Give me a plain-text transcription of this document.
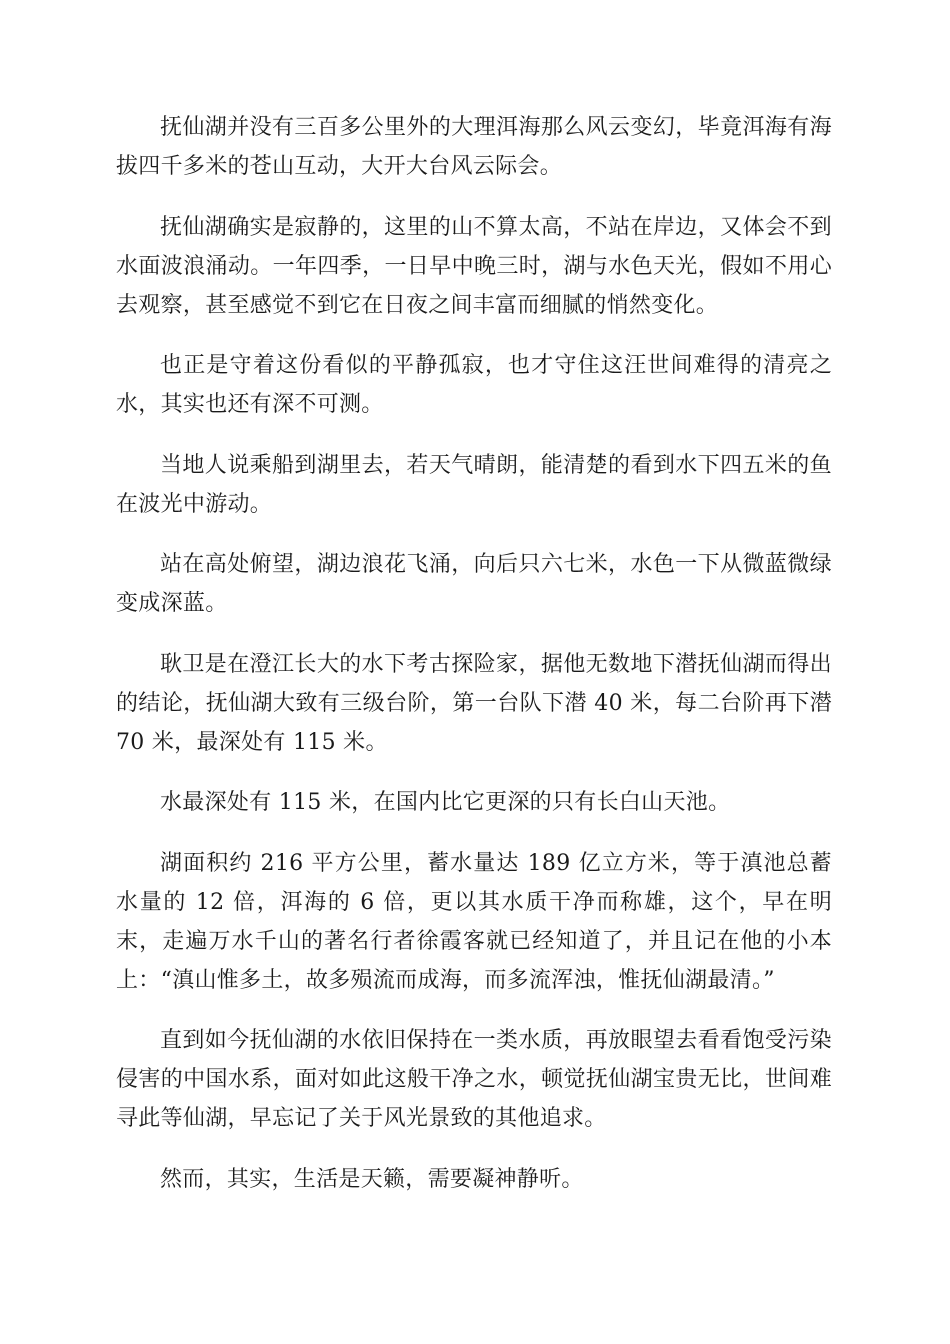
抚仙湖并没有三百多公里外的大理洱海那么风云变幻，毕竟洱海有海拔四千多米的苍山互动，大开大台风云际会。

抚仙湖确实是寂静的，这里的山不算太高，不站在岸边，又体会不到水面波浪涌动。一年四季，一日早中晚三时，湖与水色天光，假如不用心去观察，甚至感觉不到它在日夜之间丰富而细腻的悄然变化。

也正是守着这份看似的平静孤寂，也才守住这汪世间难得的清亮之水，其实也还有深不可测。

当地人说乘船到湖里去，若天气晴朗，能清楚的看到水下四五米的鱼在波光中游动。

站在高处俯望，湖边浪花飞涌，向后只六七米，水色一下从微蓝微绿变成深蓝。

耿卫是在澄江长大的水下考古探险家，据他无数地下潜抚仙湖而得出的结论，抚仙湖大致有三级台阶，第一台队下潜 40 米，每二台阶再下潜 70 米，最深处有 115 米。

水最深处有 115 米，在国内比它更深的只有长白山天池。

湖面积约 216 平方公里，蓄水量达 189 亿立方米，等于滇池总蓄水量的 12 倍，洱海的 6 倍，更以其水质干净而称雄，这个，早在明末，走遍万水千山的著名行者徐霞客就已经知道了，并且记在他的小本上：“滇山惟多土，故多殒流而成海，而多流浑浊，惟抚仙湖最清。”

直到如今抚仙湖的水依旧保持在一类水质，再放眼望去看看饱受污染侵害的中国水系，面对如此这般干净之水，顿觉抚仙湖宝贵无比，世间难寻此等仙湖，早忘记了关于风光景致的其他追求。

然而，其实，生活是天籁，需要凝神静听。
